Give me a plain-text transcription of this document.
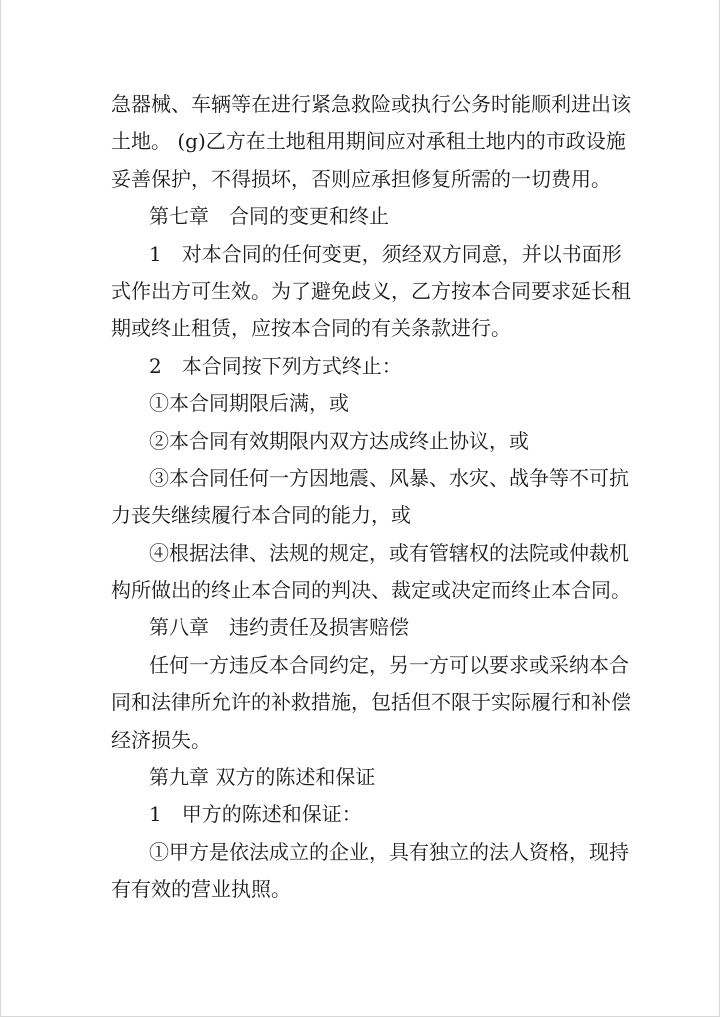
急器械、车辆等在进行紧急救险或执行公务时能顺利进出该
土地。 (g)乙方在土地租用期间应对承租土地内的市政设施
妥善保护，不得损坏，否则应承担修复所需的一切费用。
第七章　合同的变更和终止
1　对本合同的任何变更，须经双方同意，并以书面形
式作出方可生效。为了避免歧义，乙方按本合同要求延长租
期或终止租赁，应按本合同的有关条款进行。
2　本合同按下列方式终止：
①本合同期限后满，或
②本合同有效期限内双方达成终止协议，或
③本合同任何一方因地震、风暴、水灾、战争等不可抗
力丧失继续履行本合同的能力，或
④根据法律、法规的规定，或有管辖权的法院或仲裁机
构所做出的终止本合同的判决、裁定或决定而终止本合同。
第八章　违约责任及损害赔偿
任何一方违反本合同约定，另一方可以要求或采纳本合
同和法律所允许的补救措施，包括但不限于实际履行和补偿
经济损失。
第九章 双方的陈述和保证
1　甲方的陈述和保证：
①甲方是依法成立的企业，具有独立的法人资格，现持
有有效的营业执照。
